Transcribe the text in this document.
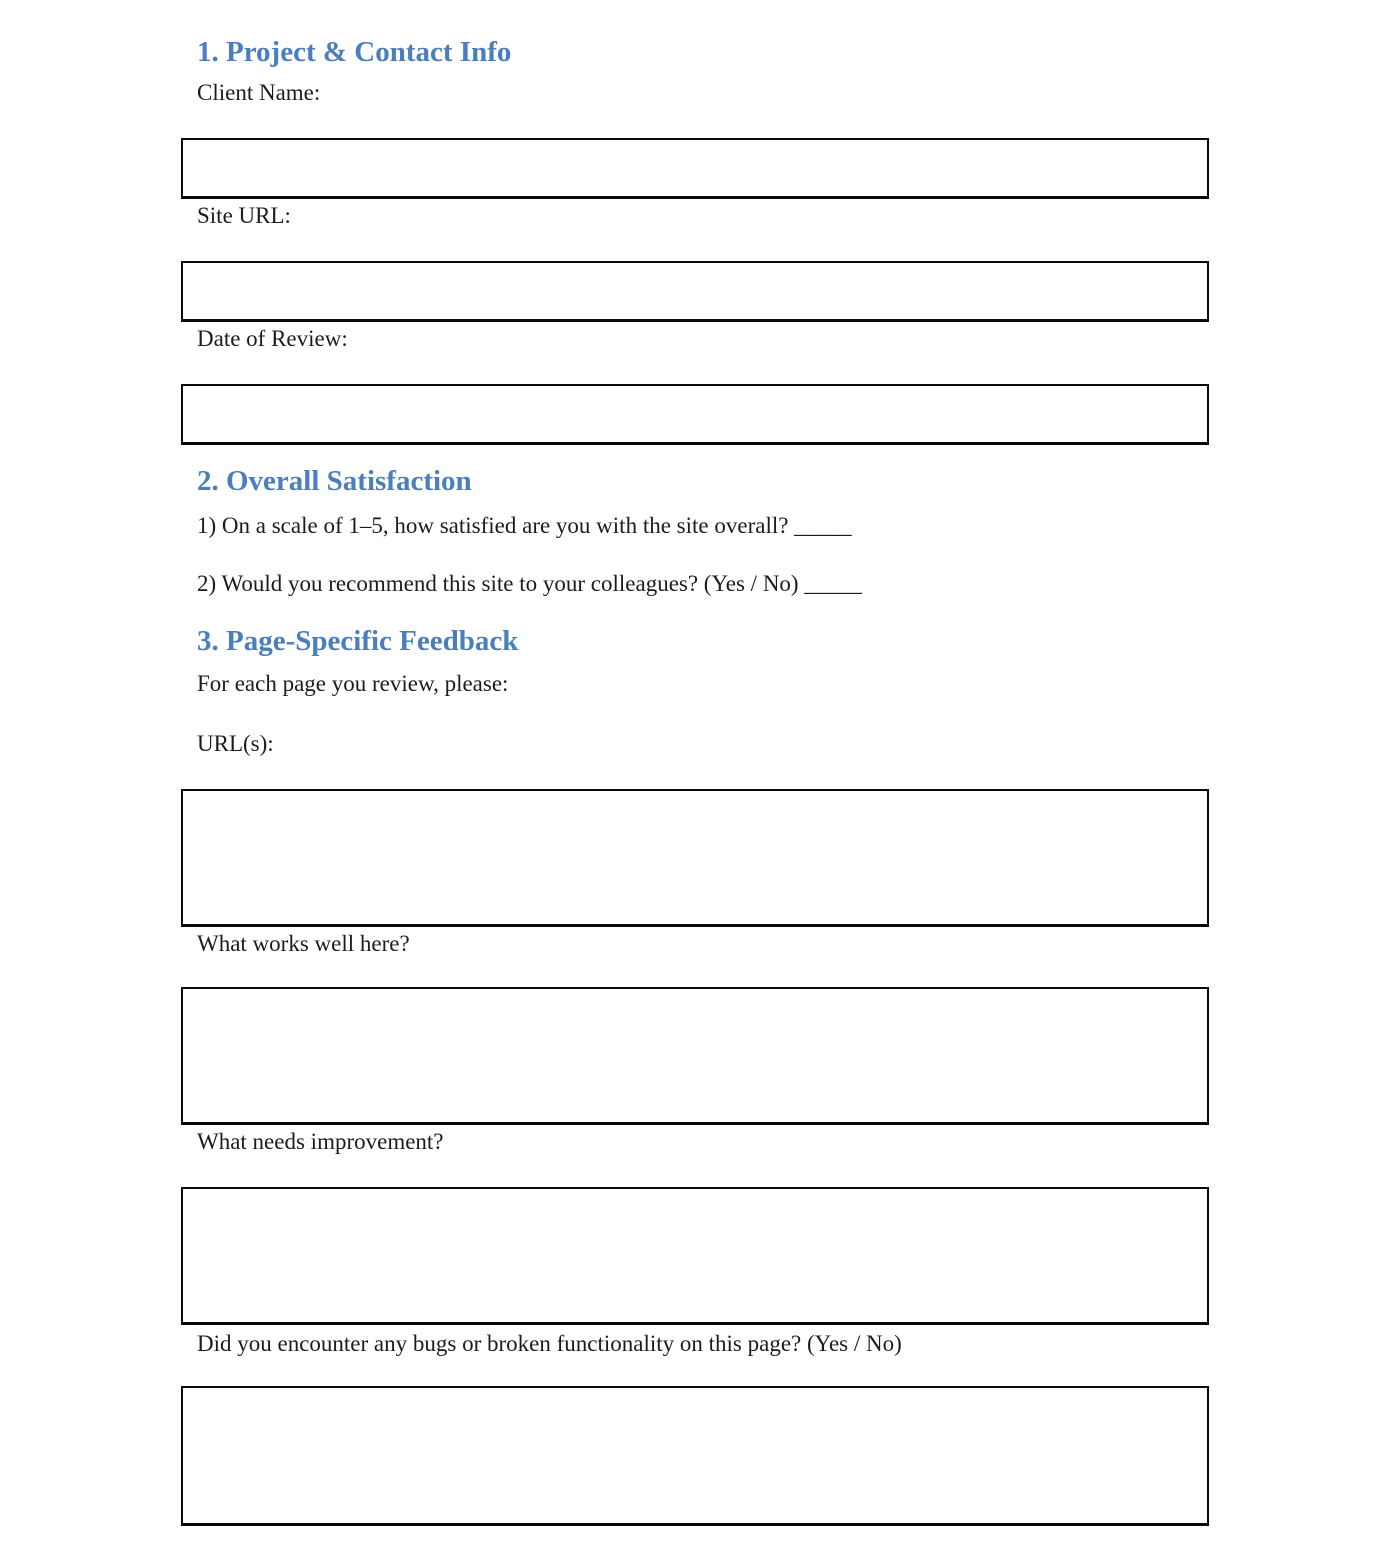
1. Project & Contact Info
Client Name:
Site URL:
Date of Review:
2. Overall Satisfaction
1) On a scale of 1–5, how satisfied are you with the site overall? _____
2) Would you recommend this site to your colleagues? (Yes / No) _____
3. Page-Specific Feedback
For each page you review, please:
URL(s):
What works well here?
What needs improvement?
Did you encounter any bugs or broken functionality on this page? (Yes / No)
